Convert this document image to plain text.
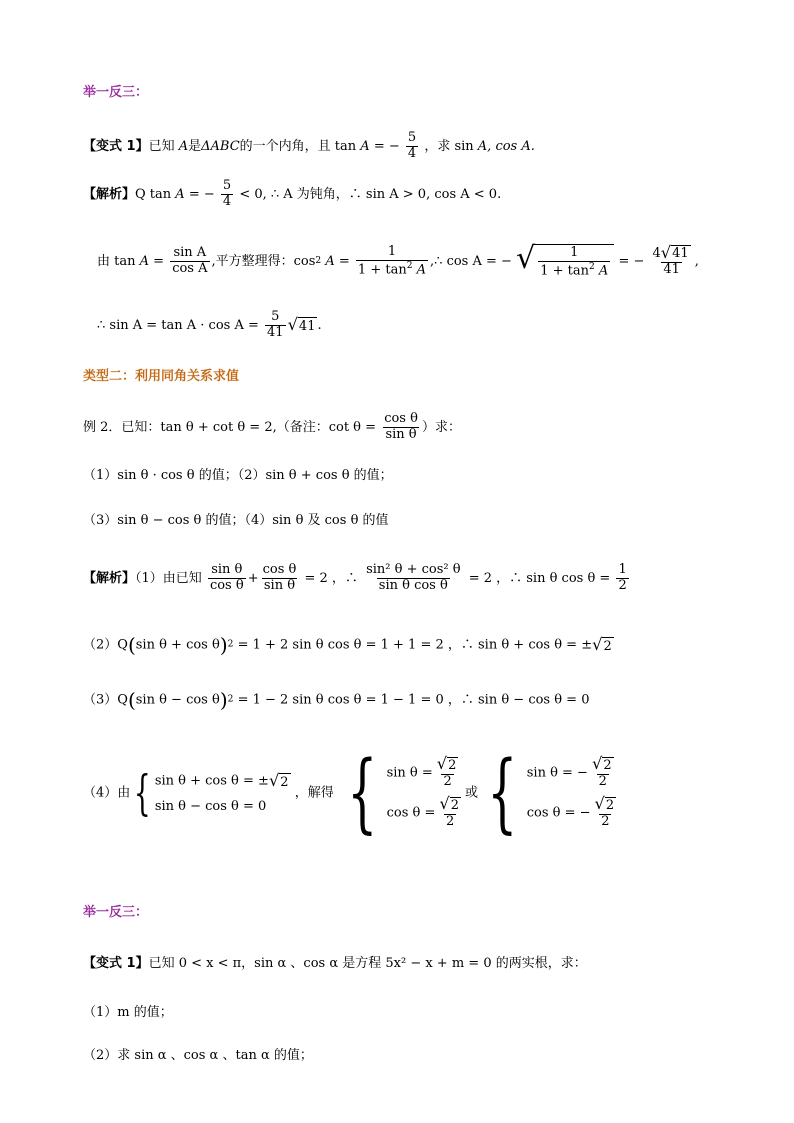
举一反三：
【变式 1】已知 A是ΔABC的一个内角，且 tan A = − $\frac{5}{4}$ ，求 sin A, cos A.
【解析】Q tan A = − $\frac{5}{4} < 0$, ∴ A 为钝角，∴ sin A > 0, cos A < 0.
由 $\tan A = \frac{\text{sin A}}{\text{cos A}}$ ,平方整理得：cos2 $A = \frac{1}{1 + \tan^2 A}$ ,∴ cos A = − √ $\frac{1}{1 + \tan^2 A}$ = − $\frac{4 √ 41}{41}$ ,
∴ $\sin A = \tan A \cdot \cos A = \frac{5}{41}$ √ 41 .
类型二：利用同角关系求值
例 2．已知：tan θ + cot θ = 2,（备注：$\cot \theta = \frac{\text{cos θ}}{\text{sin θ}}$ ）求：
（1）sin θ · cos θ 的值；（2）sin θ + cos θ 的值；
（3）sin θ − cos θ 的值；（4）sin θ 及 cos θ 的值
【解析】（1）由已知 $\frac{\text{sin θ}}{\text{cos θ}} + \frac{\text{cos θ}}{\text{sin θ}} = 2$ ，∴ $\frac{\text{sin² θ + cos² θ}}{\text{sin θ cos θ}} = 2$ ，∴ sin θ $\cos \theta = \frac{1}{2}$
（2）Q(sin θ + cos θ)2 = 1 + 2 sin θ cos θ = 1 + 1 = 2 ，∴ sin θ + cos θ = ± √ 2
（3）Q(sin θ − cos θ)2 = 1 − 2 sin θ cos θ = 1 − 1 = 0 ，∴ sin θ − cos θ = 0
（4）由{ sin θ + cos θ = ± √ 2
sin θ − cos θ = 0
，解得 { $\sin \theta = \frac{√2}{2}$
$\cos \theta = \frac{√2}{2}$
或 { sin θ = − $\frac{√2}{2}$
cos θ = − $\frac{√2}{2}$
举一反三：
【变式 1】已知 0 < x < π，sin α 、cos α 是方程 5x² − x + m = 0 的两实根，求：
（1）m 的值；
（2）求 sin α 、cos α 、tan α 的值；
